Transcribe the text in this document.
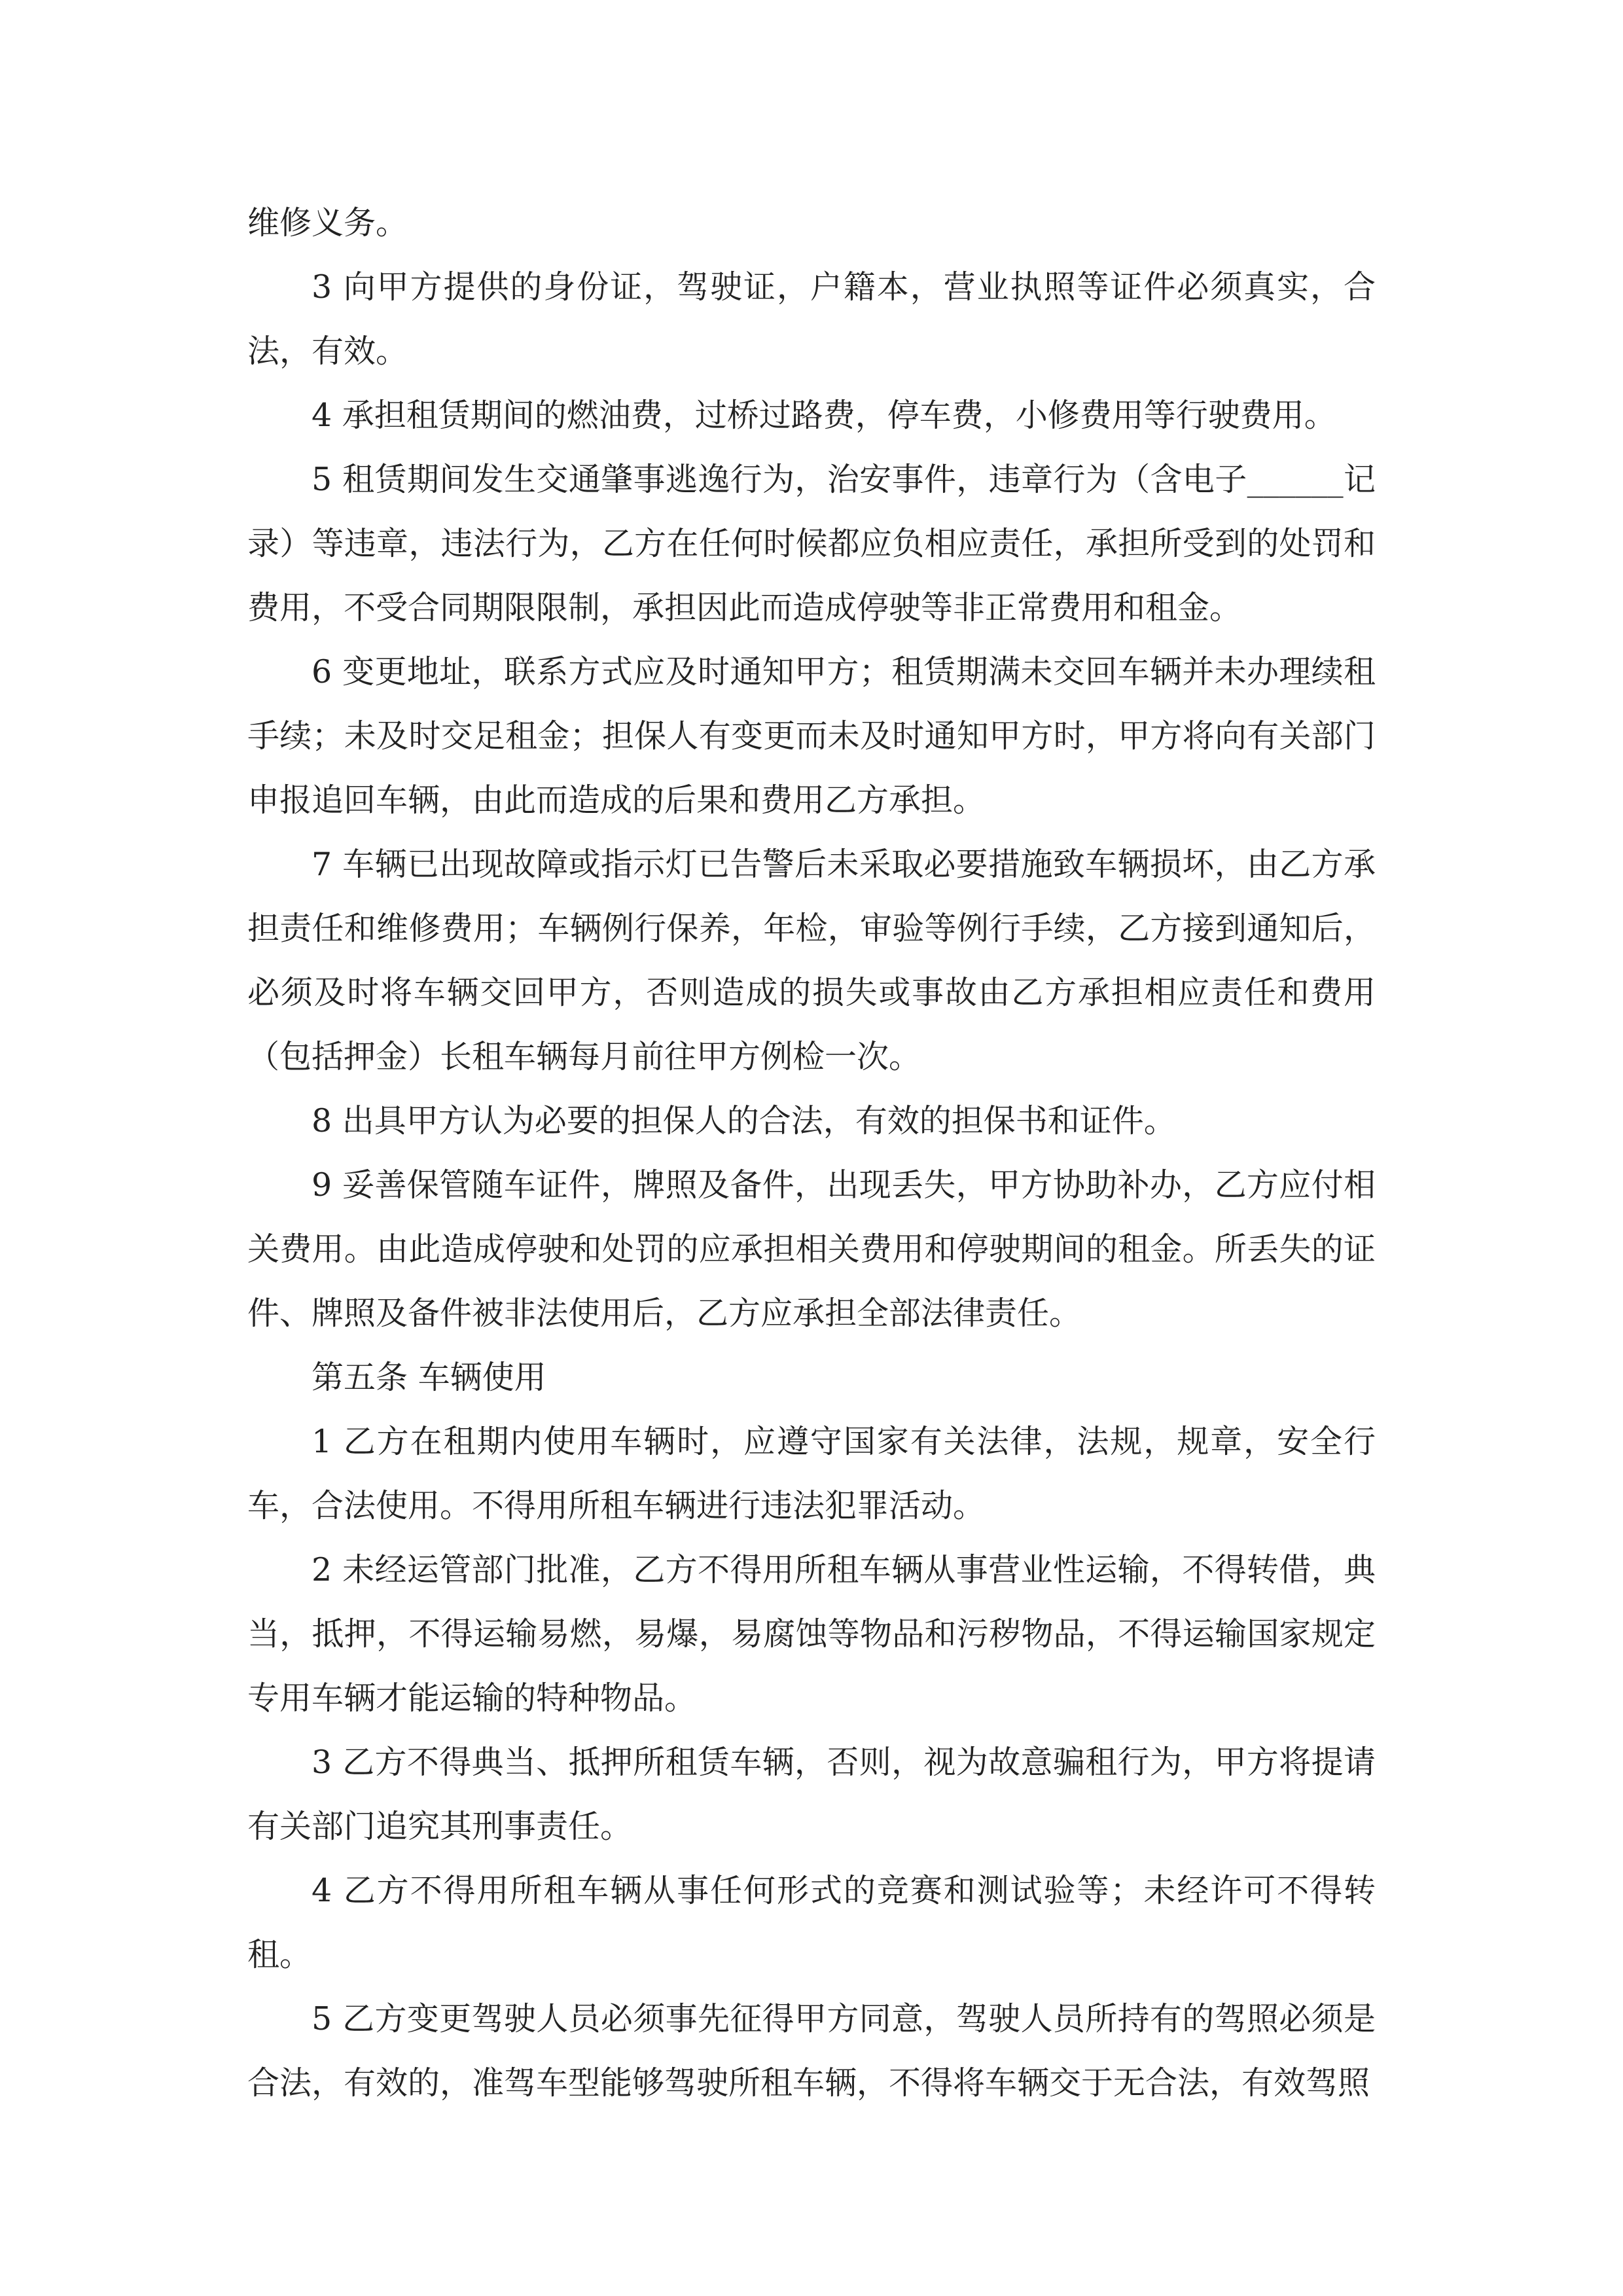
维修义务。

3 向甲方提供的身份证，驾驶证，户籍本，营业执照等证件必须真实，合法，有效。

4 承担租赁期间的燃油费，过桥过路费，停车费，小修费用等行驶费用。

5 租赁期间发生交通肇事逃逸行为，治安事件，违章行为（含电子______记录）等违章，违法行为，乙方在任何时候都应负相应责任，承担所受到的处罚和费用，不受合同期限限制，承担因此而造成停驶等非正常费用和租金。

6 变更地址，联系方式应及时通知甲方；租赁期满未交回车辆并未办理续租手续；未及时交足租金；担保人有变更而未及时通知甲方时，甲方将向有关部门申报追回车辆，由此而造成的后果和费用乙方承担。

7 车辆已出现故障或指示灯已告警后未采取必要措施致车辆损坏，由乙方承担责任和维修费用；车辆例行保养，年检，审验等例行手续，乙方接到通知后，必须及时将车辆交回甲方，否则造成的损失或事故由乙方承担相应责任和费用（包括押金）长租车辆每月前往甲方例检一次。

8 出具甲方认为必要的担保人的合法，有效的担保书和证件。

9 妥善保管随车证件，牌照及备件，出现丢失，甲方协助补办，乙方应付相关费用。由此造成停驶和处罚的应承担相关费用和停驶期间的租金。所丢失的证件、牌照及备件被非法使用后，乙方应承担全部法律责任。

第五条 车辆使用

1 乙方在租期内使用车辆时，应遵守国家有关法律，法规，规章，安全行车，合法使用。不得用所租车辆进行违法犯罪活动。

2 未经运管部门批准，乙方不得用所租车辆从事营业性运输，不得转借，典当，抵押，不得运输易燃，易爆，易腐蚀等物品和污秽物品，不得运输国家规定专用车辆才能运输的特种物品。

3 乙方不得典当、抵押所租赁车辆，否则，视为故意骗租行为，甲方将提请有关部门追究其刑事责任。

4 乙方不得用所租车辆从事任何形式的竞赛和测试验等；未经许可不得转租。

5 乙方变更驾驶人员必须事先征得甲方同意，驾驶人员所持有的驾照必须是合法，有效的，准驾车型能够驾驶所租车辆，不得将车辆交于无合法，有效驾照
